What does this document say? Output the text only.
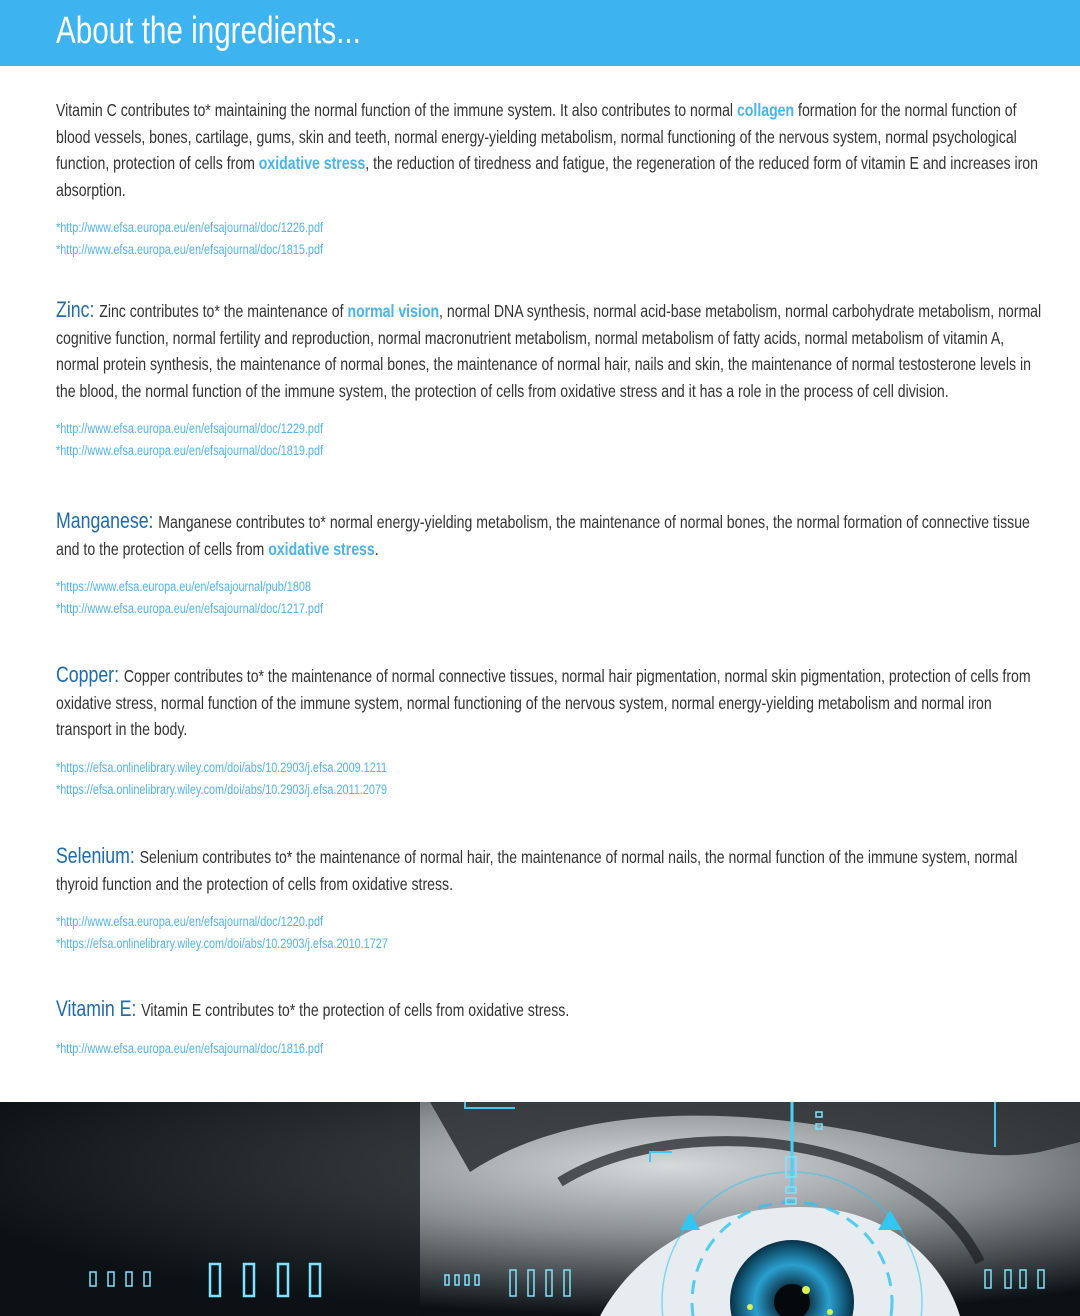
About the ingredients...

Vitamin C contributes to* maintaining the normal function of the immune system. It also contributes to normal collagen formation for the normal function of blood vessels, bones, cartilage, gums, skin and teeth, normal energy-yielding metabolism, normal functioning of the nervous system, normal psychological function, protection of cells from oxidative stress, the reduction of tiredness and fatigue, the regeneration of the reduced form of vitamin E and increases iron absorption.

*http://www.efsa.europa.eu/en/efsajournal/doc/1226.pdf
*http://www.efsa.europa.eu/en/efsajournal/doc/1815.pdf

Zinc: Zinc contributes to* the maintenance of normal vision, normal DNA synthesis, normal acid-base metabolism, normal carbohydrate metabolism, normal cognitive function, normal fertility and reproduction, normal macronutrient metabolism, normal metabolism of fatty acids, normal metabolism of vitamin A, normal protein synthesis, the maintenance of normal bones, the maintenance of normal hair, nails and skin, the maintenance of normal testosterone levels in the blood, the normal function of the immune system, the protection of cells from oxidative stress and it has a role in the process of cell division.

*http://www.efsa.europa.eu/en/efsajournal/doc/1229.pdf
*http://www.efsa.europa.eu/en/efsajournal/doc/1819.pdf

Manganese: Manganese contributes to* normal energy-yielding metabolism, the maintenance of normal bones, the normal formation of connective tissue and to the protection of cells from oxidative stress.

*https://www.efsa.europa.eu/en/efsajournal/pub/1808
*http://www.efsa.europa.eu/en/efsajournal/doc/1217.pdf

Copper: Copper contributes to* the maintenance of normal connective tissues, normal hair pigmentation, normal skin pigmentation, protection of cells from oxidative stress, normal function of the immune system, normal functioning of the nervous system, normal energy-yielding metabolism and normal iron transport in the body.

*https://efsa.onlinelibrary.wiley.com/doi/abs/10.2903/j.efsa.2009.1211
*https://efsa.onlinelibrary.wiley.com/doi/abs/10.2903/j.efsa.2011.2079

Selenium: Selenium contributes to* the maintenance of normal hair, the maintenance of normal nails, the normal function of the immune system, normal thyroid function and the protection of cells from oxidative stress.

*http://www.efsa.europa.eu/en/efsajournal/doc/1220.pdf
*https://efsa.onlinelibrary.wiley.com/doi/abs/10.2903/j.efsa.2010.1727

Vitamin E: Vitamin E contributes to* the protection of cells from oxidative stress.

*http://www.efsa.europa.eu/en/efsajournal/doc/1816.pdf
